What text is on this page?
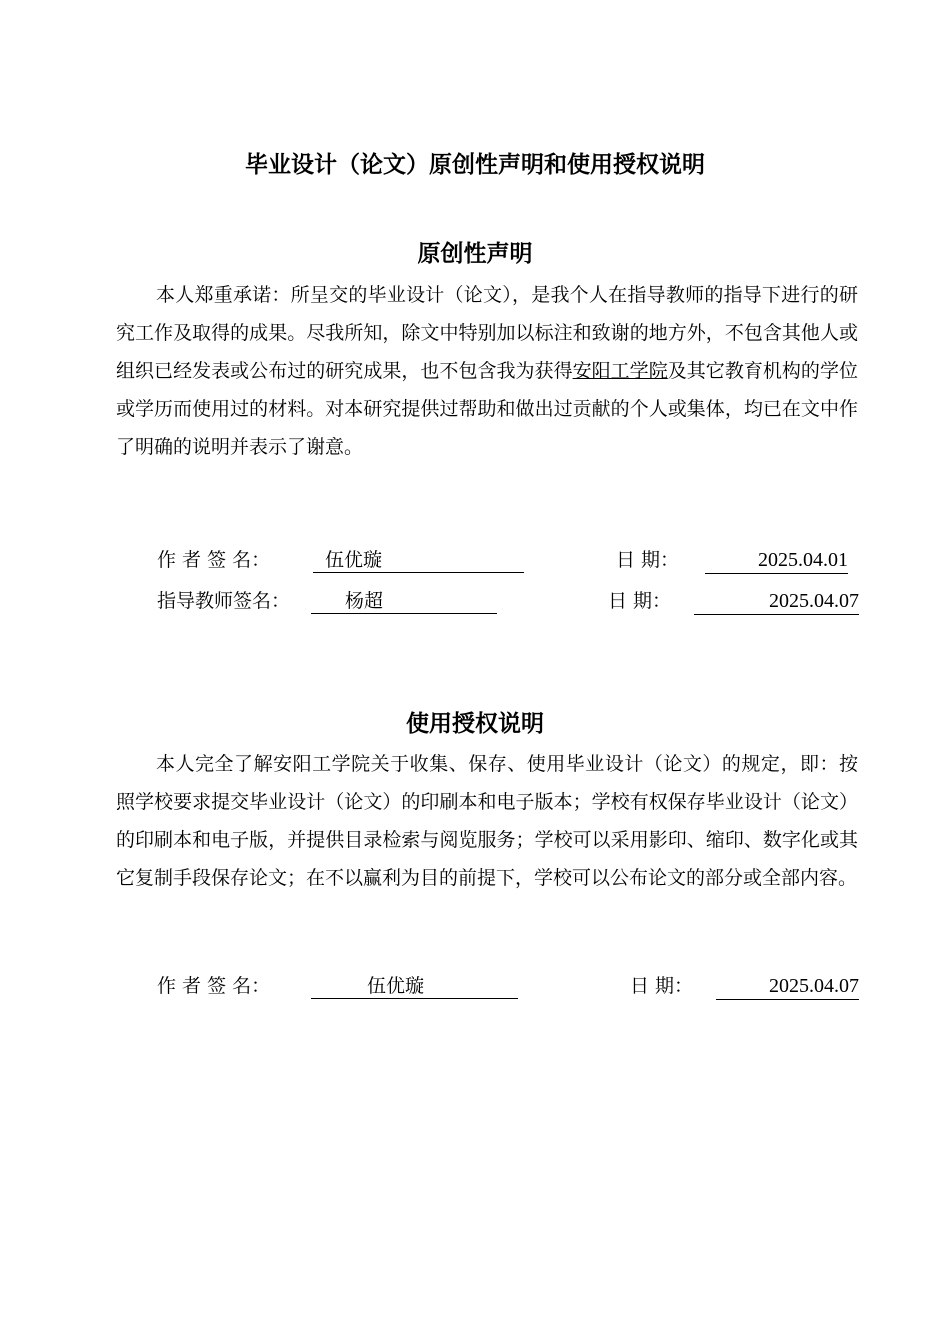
毕业设计（论文）原创性声明和使用授权说明
原创性声明
本人郑重承诺：所呈交的毕业设计（论文），是我个人在指导教师的指导下进行的研究工作及取得的成果。尽我所知，除文中特别加以标注和致谢的地方外，不包含其他人或组织已经发表或公布过的研究成果，也不包含我为获得安阳工学院及其它教育机构的学位或学历而使用过的材料。对本研究提供过帮助和做出过贡献的个人或集体，均已在文中作了明确的说明并表示了谢意。
作 者 签 名：	伍优璇	日 期：	2025.04.01
指导教师签名：	杨超	日 期：	2025.04.07
使用授权说明
本人完全了解安阳工学院关于收集、保存、使用毕业设计（论文）的规定，即：按照学校要求提交毕业设计（论文）的印刷本和电子版本；学校有权保存毕业设计（论文）的印刷本和电子版，并提供目录检索与阅览服务；学校可以采用影印、缩印、数字化或其它复制手段保存论文；在不以赢利为目的前提下，学校可以公布论文的部分或全部内容。
作 者 签 名：	伍优璇	日 期：	2025.04.07
